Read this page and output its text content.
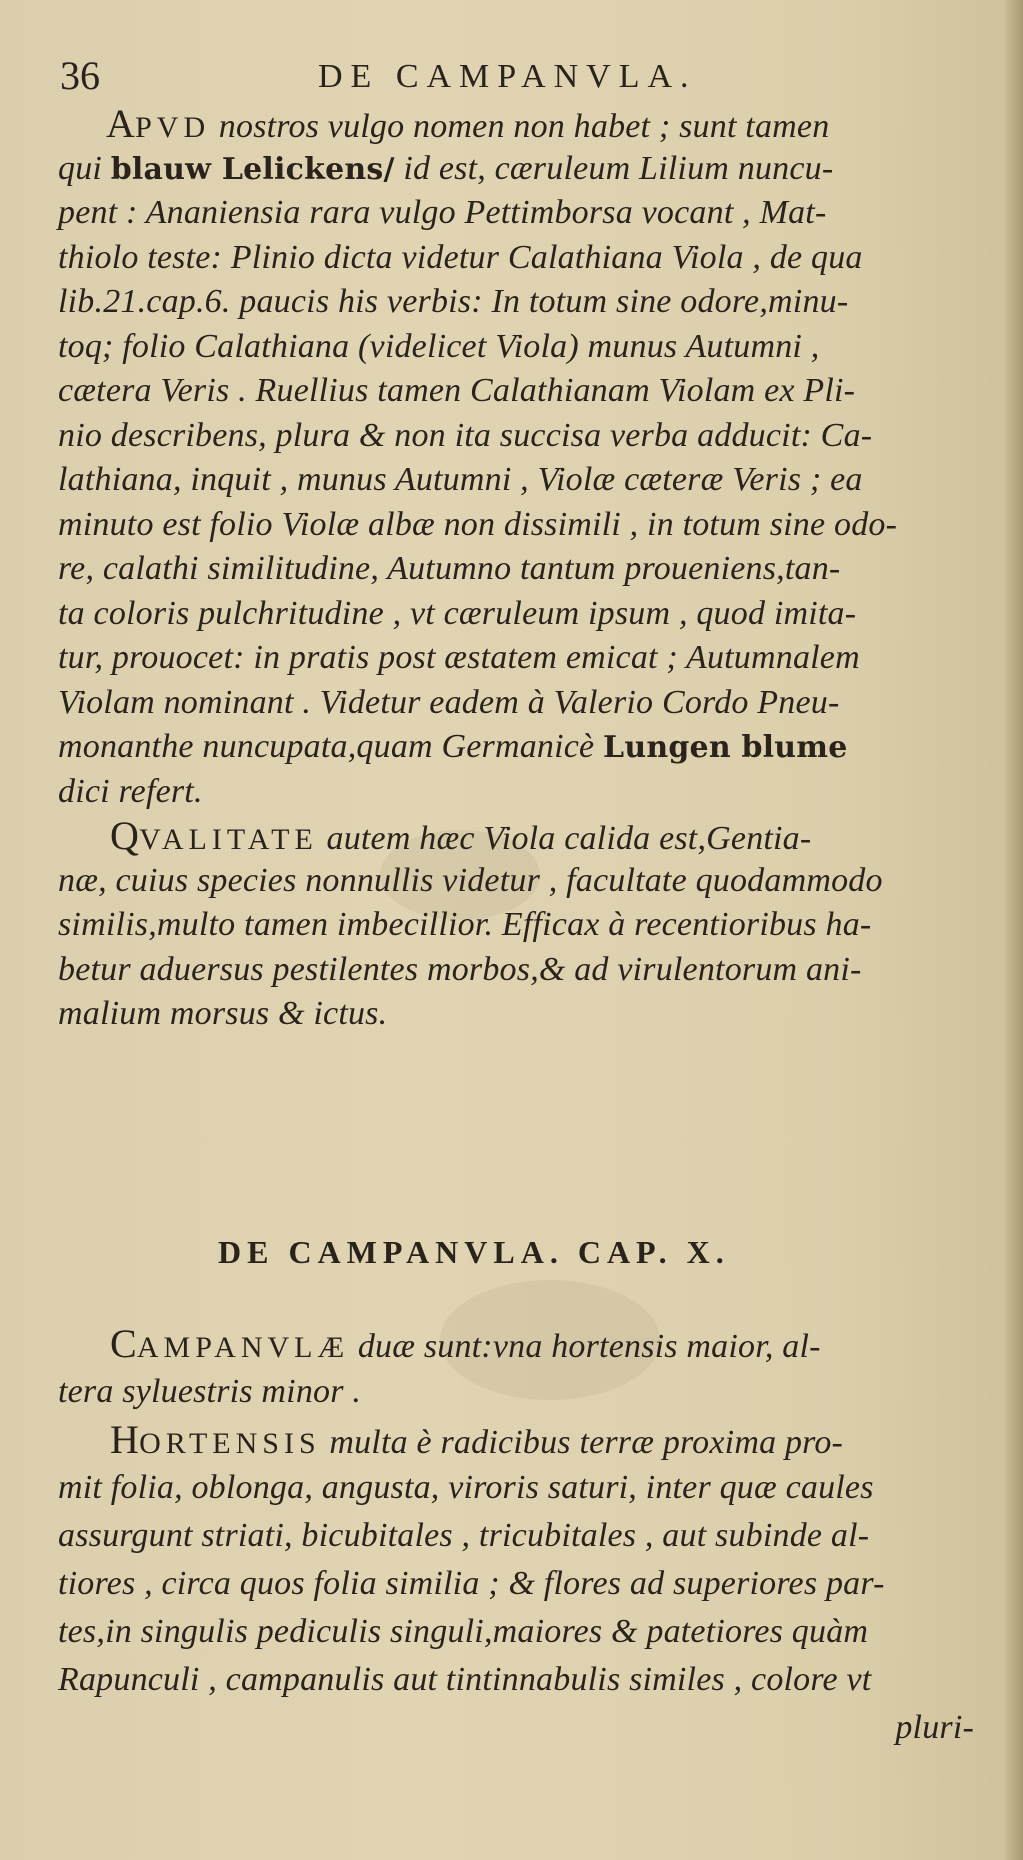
36	DE CAMPANVLA.
APVD nostros vulgo nomen non habet ; sunt tamen
qui blauw Lelickens/ id est, cæruleum Lilium nuncu-
pent : Ananiensia rara vulgo Pettimborsa vocant , Mat-
thiolo teste: Plinio dicta videtur Calathiana Viola , de qua
lib.21.cap.6. paucis his verbis: In totum sine odore,minu-
toq; folio Calathiana (videlicet Viola) munus Autumni ,
cætera Veris . Ruellius tamen Calathianam Violam ex Pli-
nio describens, plura & non ita succisa verba adducit: Ca-
lathiana, inquit , munus Autumni , Violæ cæteræ Veris ; ea
minuto est folio Violæ albæ non dissimili , in totum sine odo-
re, calathi similitudine, Autumno tantum proueniens,tan-
ta coloris pulchritudine , vt cæruleum ipsum , quod imita-
tur, prouocet: in pratis post æstatem emicat ; Autumnalem
Violam nominant . Videtur eadem à Valerio Cordo Pneu-
monanthe nuncupata,quam Germanicè Lungen blume
dici refert.
QVALITATE autem hæc Viola calida est,Gentia-
næ, cuius species nonnullis videtur , facultate quodammodo
similis,multo tamen imbecillior. Efficax à recentioribus ha-
betur aduersus pestilentes morbos,& ad virulentorum ani-
malium morsus & ictus.
DE CAMPANVLA. CAP. X.
CAMPANVLÆ duæ sunt:vna hortensis maior, al-
tera syluestris minor .
HORTENSIS multa è radicibus terræ proxima pro-
mit folia, oblonga, angusta, viroris saturi, inter quæ caules
assurgunt striati, bicubitales , tricubitales , aut subinde al-
tiores , circa quos folia similia ; & flores ad superiores par-
tes,in singulis pediculis singuli,maiores & patetiores quàm
Rapunculi , campanulis aut tintinnabulis similes , colore vt
pluri-
